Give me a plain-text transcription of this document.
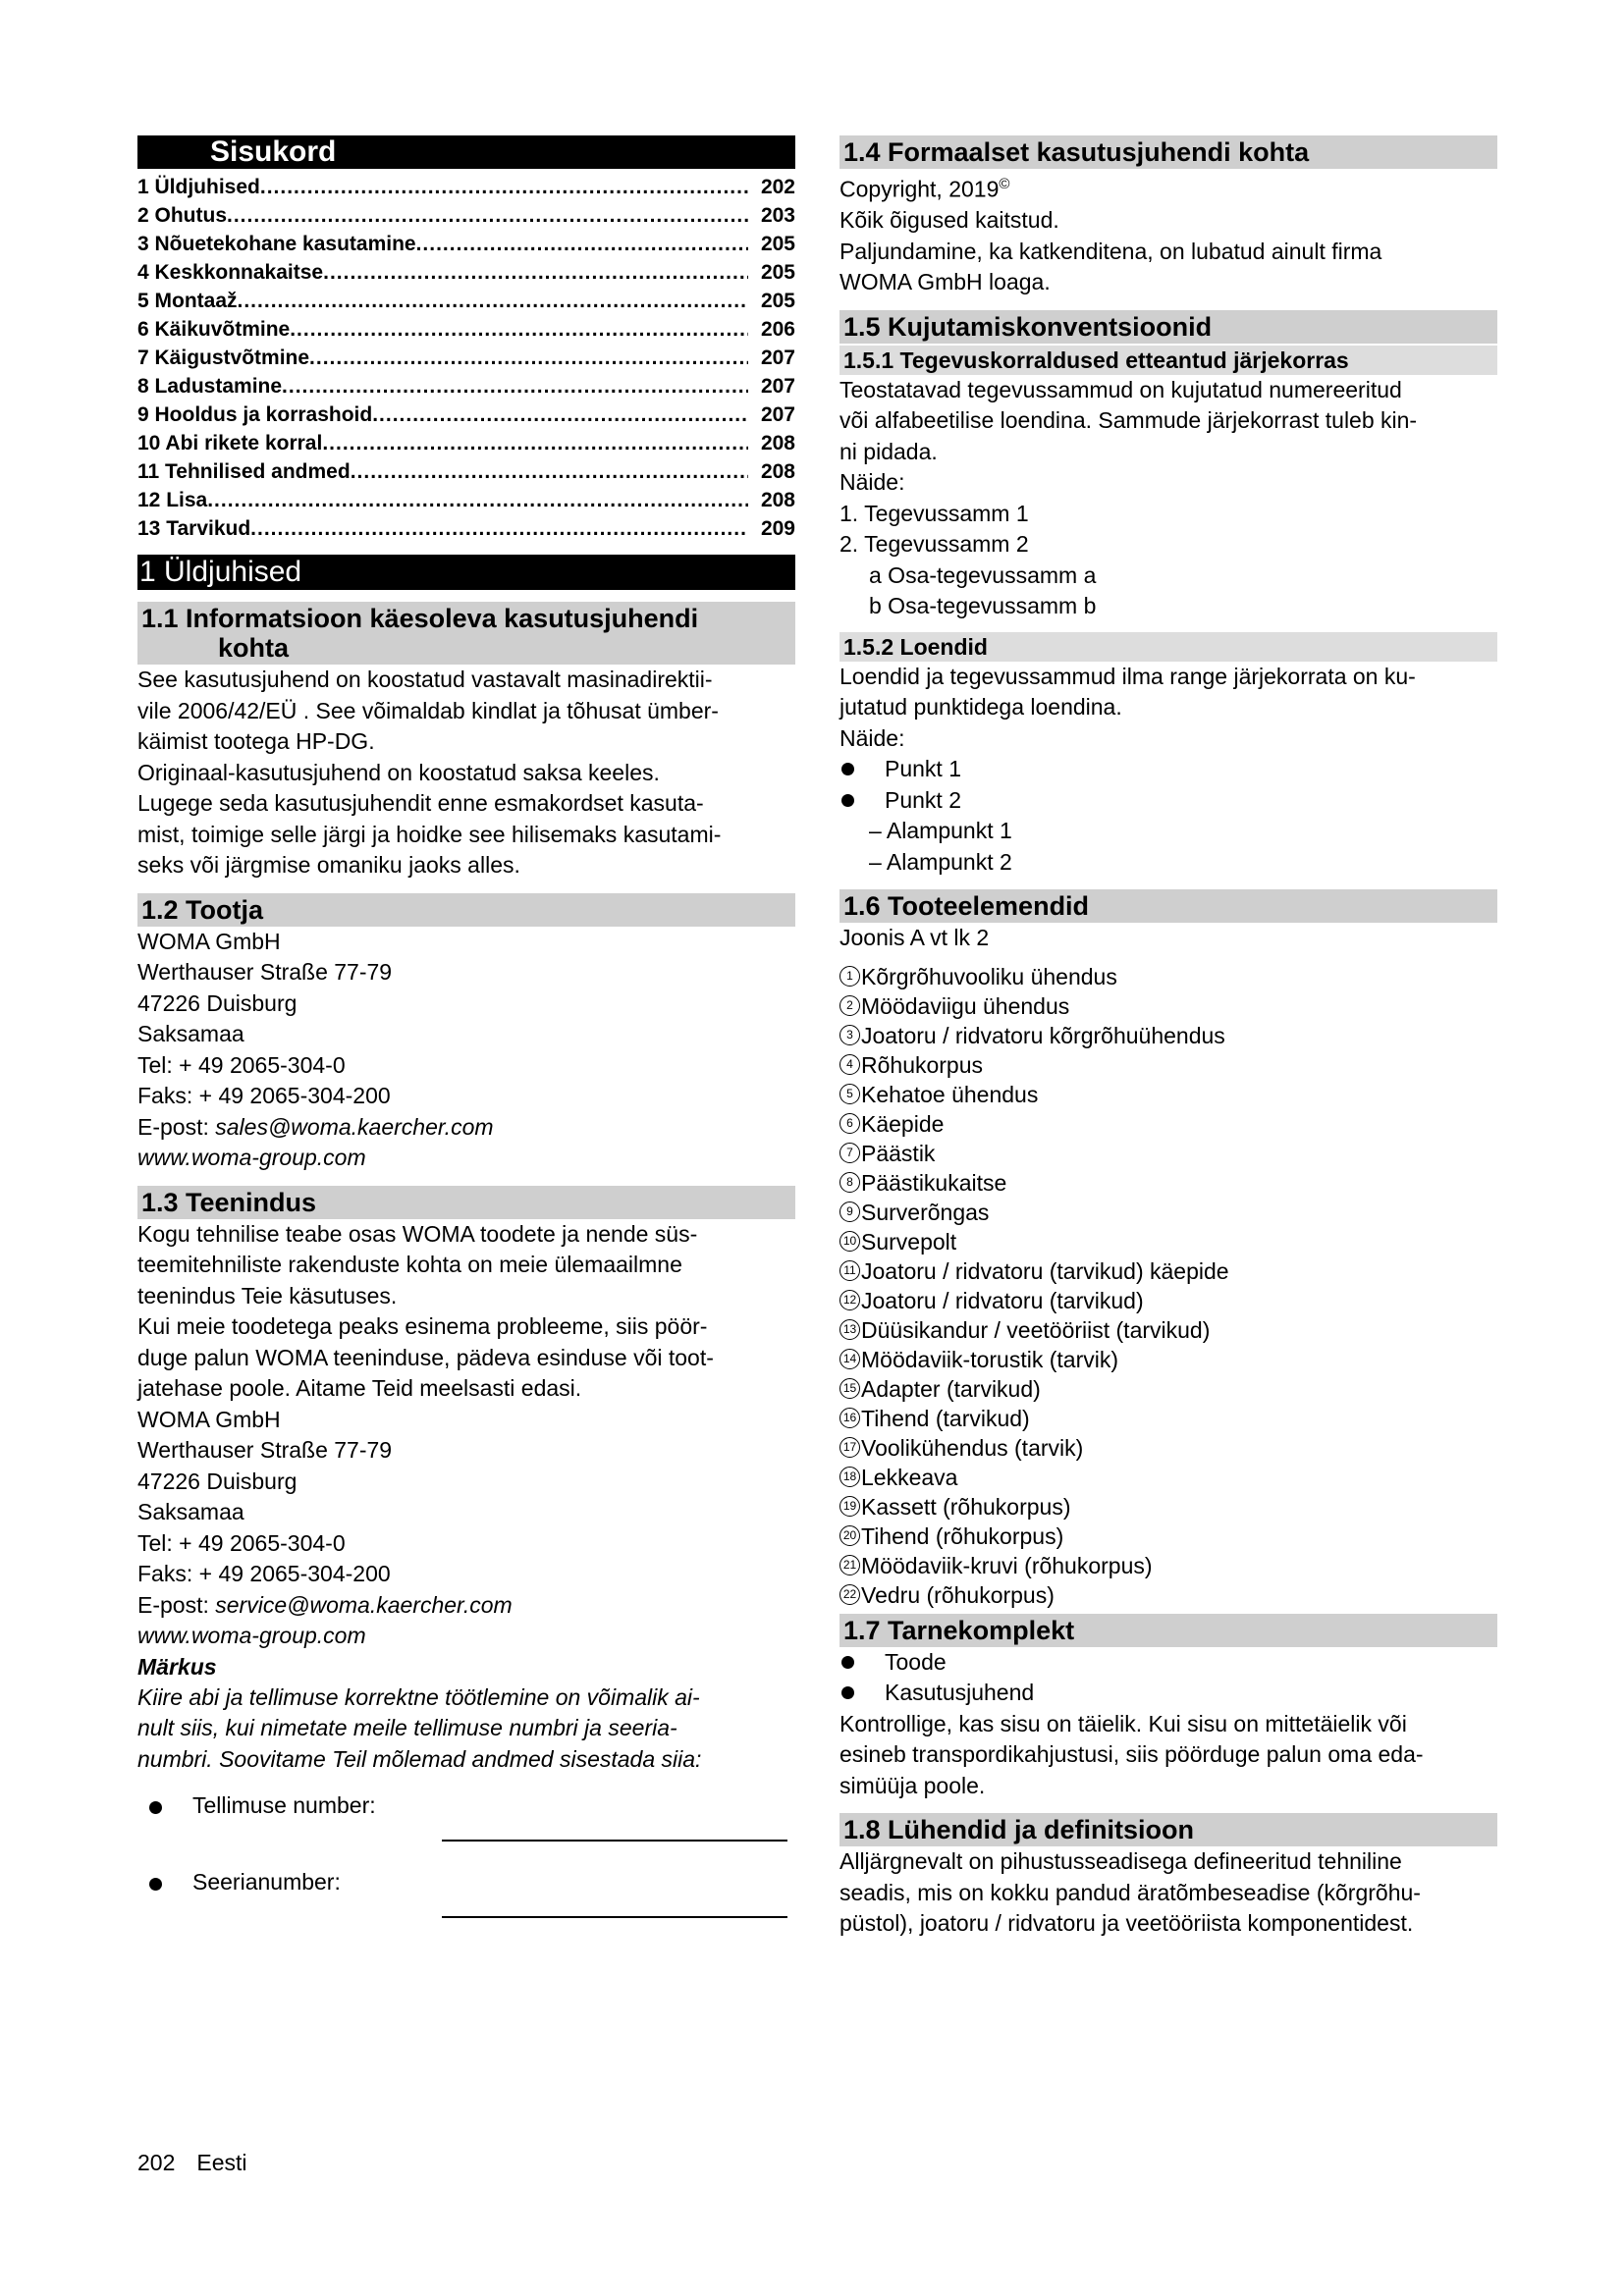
Sisukord
1 Üldjuhised .....	202
2 Ohutus .....	203
3 Nõuetekohane kasutamine .....	205
4 Keskkonnakaitse .....	205
5 Montaaž .....	205
6 Käikuvõtmine .....	206
7 Käigustvõtmine .....	207
8 Ladustamine .....	207
9 Hooldus ja korrashoid .....	207
10 Abi rikete korral .....	208
11 Tehnilised andmed .....	208
12 Lisa .....	208
13 Tarvikud .....	209
1 Üldjuhised
1.1 Informatsioon käesoleva kasutusjuhendi
kohta

See kasutusjuhend on koostatud vastavalt masinadirektii-

vile 2006/42/EÜ . See võimaldab kindlat ja tõhusat ümber-

käimist tootega HP-DG.

Originaal-kasutusjuhend on koostatud saksa keeles.

Lugege seda kasutusjuhendit enne esmakordset kasuta-

mist, toimige selle järgi ja hoidke see hilisemaks kasutami-

seks või järgmise omaniku jaoks alles.

1.2 Tootja

WOMA GmbH

Werthauser Straße 77-79

47226 Duisburg

Saksamaa

Tel: + 49 2065-304-0

Faks: + 49 2065-304-200

E-post: sales@woma.kaercher.com

www.woma-group.com

1.3 Teenindus

Kogu tehnilise teabe osas WOMA toodete ja nende süs-

teemitehniliste rakenduste kohta on meie ülemaailmne

teenindus Teie käsutuses.

Kui meie toodetega peaks esinema probleeme, siis pöör-

duge palun WOMA teeninduse, pädeva esinduse või toot-

jatehase poole. Aitame Teid meelsasti edasi.

WOMA GmbH

Werthauser Straße 77-79

47226 Duisburg

Saksamaa

Tel: + 49 2065-304-0

Faks: + 49 2065-304-200

E-post: service@woma.kaercher.com

www.woma-group.com

Märkus

Kiire abi ja tellimuse korrektne töötlemine on võimalik ai-

nult siis, kui nimetate meile tellimuse numbri ja seeria-

numbri. Soovitame Teil mõlemad andmed sisestada siia:

Tellimuse number:
Seerianumber:
1.4 Formaalset kasutusjuhendi kohta

Copyright, 2019©

Kõik õigused kaitstud.

Paljundamine, ka katkenditena, on lubatud ainult firma

WOMA GmbH loaga.

1.5 Kujutamiskonventsioonid
1.5.1 Tegevuskorraldused etteantud järjekorras

Teostatavad tegevussammud on kujutatud numereeritud

või alfabeetilise loendina. Sammude järjekorrast tuleb kin-

ni pidada.

Näide:

1. Tegevussamm 1

2. Tegevussamm 2

a Osa-tegevussamm a

b Osa-tegevussamm b

1.5.2 Loendid

Loendid ja tegevussammud ilma range järjekorrata on ku-

jutatud punktidega loendina.

Näide:

Punkt 1
Punkt 2

– Alampunkt 1

– Alampunkt 2

1.6 Tooteelemendid

Joonis A vt lk 2

1 Kõrgrõhuvooliku ühendus
2 Möödaviigu ühendus
3 Joatoru / ridvatoru kõrgrõhuühendus
4 Rõhukorpus
5 Kehatoe ühendus
6 Käepide
7 Päästik
8 Päästikukaitse
9 Surverõngas
10 Survepolt
11 Joatoru / ridvatoru (tarvikud) käepide
12 Joatoru / ridvatoru (tarvikud)
13 Düüsikandur / veetööriist (tarvikud)
14 Möödaviik-torustik (tarvik)
15 Adapter (tarvikud)
16 Tihend (tarvikud)
17 Voolikühendus (tarvik)
18 Lekkeava
19 Kassett (rõhukorpus)
20 Tihend (rõhukorpus)
21 Möödaviik-kruvi (rõhukorpus)
22 Vedru (rõhukorpus)
1.7 Tarnekomplekt
Toode
Kasutusjuhend

Kontrollige, kas sisu on täielik. Kui sisu on mittetäielik või

esineb transpordikahjustusi, siis pöörduge palun oma eda-

simüüja poole.

1.8 Lühendid ja definitsioon

Alljärgnevalt on pihustusseadisega defineeritud tehniline

seadis, mis on kokku pandud äratõmbeseadise (kõrgrõhu-

püstol), joatoru / ridvatoru ja veetööriista komponentidest.

202 Eesti
